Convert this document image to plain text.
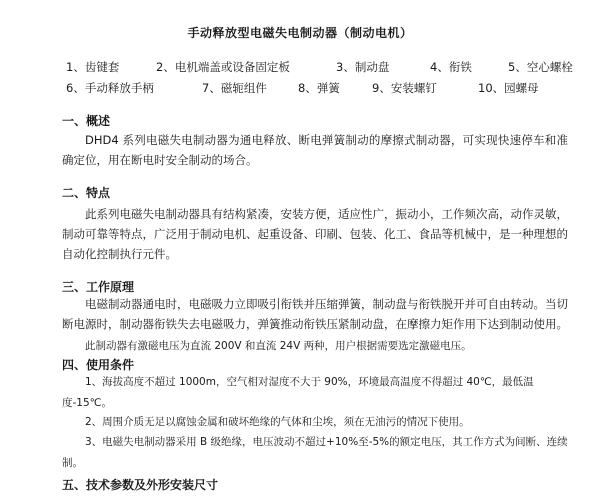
手动释放型电磁失电制动器（制动电机）
1、齿键套	2、电机端盖或设备固定板	3、制动盘	4、衔铁	5、空心螺栓
6、手动释放手柄	7、磁轭组件	8、弹簧	9、安装螺钉	10、园螺母
一、概述

DHD4 系列电磁失电制动器为通电释放、断电弹簧制动的摩擦式制动器，可实现快速停车和准确定位，用在断电时安全制动的场合。

二、特点

此系列电磁失电制动器具有结构紧凑，安装方便，适应性广，振动小，工作频次高，动作灵敏，制动可靠等特点，广泛用于制动电机、起重设备、印刷、包装、化工、食品等机械中，是一种理想的自动化控制执行元件。

三、工作原理

电磁制动器通电时，电磁吸力立即吸引衔铁并压缩弹簧，制动盘与衔铁脱开并可自由转动。当切断电源时，制动器衔铁失去电磁吸力，弹簧推动衔铁压紧制动盘，在摩擦力矩作用下达到制动使用。

此制动器有激磁电压为直流 200V 和直流 24V 两种，用户根据需要选定激磁电压。

四、使用条件

1、海拔高度不超过 1000m，空气相对湿度不大于 90%，环境最高温度不得超过 40℃，最低温度-15℃。

2、周围介质无足以腐蚀金属和破坏绝缘的气体和尘埃，须在无油污的情况下使用。

3、电磁失电制动器采用 B 级绝缘，电压波动不超过+10%至-5%的额定电压，其工作方式为间断、连续制。

五、技术参数及外形安装尺寸
